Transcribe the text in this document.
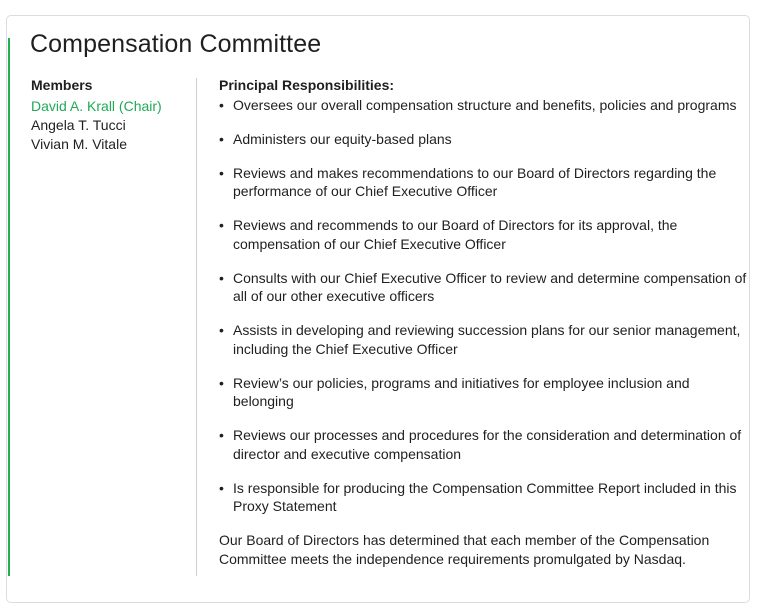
Compensation Committee
Members
David A. Krall (Chair)
Angela T. Tucci
Vivian M. Vitale
Principal Responsibilities:
• Oversees our overall compensation structure and benefits, policies and programs
• Administers our equity-based plans
• Reviews and makes recommendations to our Board of Directors regarding the performance of our Chief Executive Officer
• Reviews and recommends to our Board of Directors for its approval, the compensation of our Chief Executive Officer
• Consults with our Chief Executive Officer to review and determine compensation of all of our other executive officers
• Assists in developing and reviewing succession plans for our senior management, including the Chief Executive Officer
• Review’s our policies, programs and initiatives for employee inclusion and belonging
• Reviews our processes and procedures for the consideration and determination of director and executive compensation
• Is responsible for producing the Compensation Committee Report included in this Proxy Statement
Our Board of Directors has determined that each member of the Compensation Committee meets the independence requirements promulgated by Nasdaq.
